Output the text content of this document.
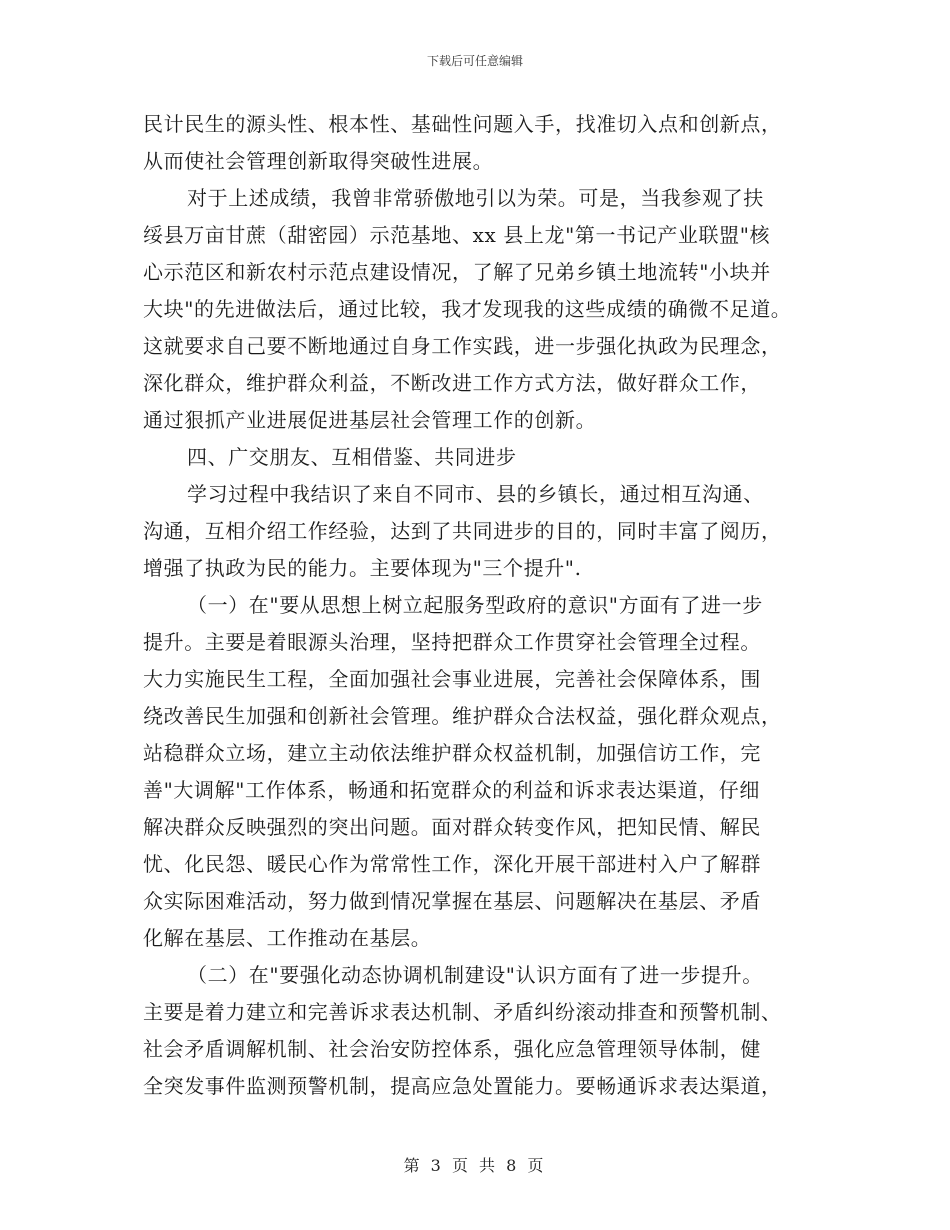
下载后可任意编辑
民计民生的源头性、根本性、基础性问题入手，找准切入点和创新点，
从而使社会管理创新取得突破性进展。
对于上述成绩，我曾非常骄傲地引以为荣。可是，当我参观了扶
绥县万亩甘蔗（甜密园）示范基地、xx 县上龙"第一书记产业联盟"核
心示范区和新农村示范点建设情况，了解了兄弟乡镇土地流转"小块并
大块"的先进做法后，通过比较，我才发现我的这些成绩的确微不足道。
这就要求自己要不断地通过自身工作实践，进一步强化执政为民理念，
深化群众，维护群众利益，不断改进工作方式方法，做好群众工作，
通过狠抓产业进展促进基层社会管理工作的创新。
四、广交朋友、互相借鉴、共同进步
学习过程中我结识了来自不同市、县的乡镇长，通过相互沟通、
沟通，互相介绍工作经验，达到了共同进步的目的，同时丰富了阅历，
增强了执政为民的能力。主要体现为"三个提升".
（一）在"要从思想上树立起服务型政府的意识"方面有了进一步
提升。主要是着眼源头治理，坚持把群众工作贯穿社会管理全过程。
大力实施民生工程，全面加强社会事业进展，完善社会保障体系，围
绕改善民生加强和创新社会管理。维护群众合法权益，强化群众观点，
站稳群众立场，建立主动依法维护群众权益机制，加强信访工作，完
善"大调解"工作体系，畅通和拓宽群众的利益和诉求表达渠道，仔细
解决群众反映强烈的突出问题。面对群众转变作风，把知民情、解民
忧、化民怨、暖民心作为常常性工作，深化开展干部进村入户了解群
众实际困难活动，努力做到情况掌握在基层、问题解决在基层、矛盾
化解在基层、工作推动在基层。
（二）在"要强化动态协调机制建设"认识方面有了进一步提升。
主要是着力建立和完善诉求表达机制、矛盾纠纷滚动排查和预警机制、
社会矛盾调解机制、社会治安防控体系，强化应急管理领导体制，健
全突发事件监测预警机制，提高应急处置能力。要畅通诉求表达渠道，
第 3 页 共 8 页
